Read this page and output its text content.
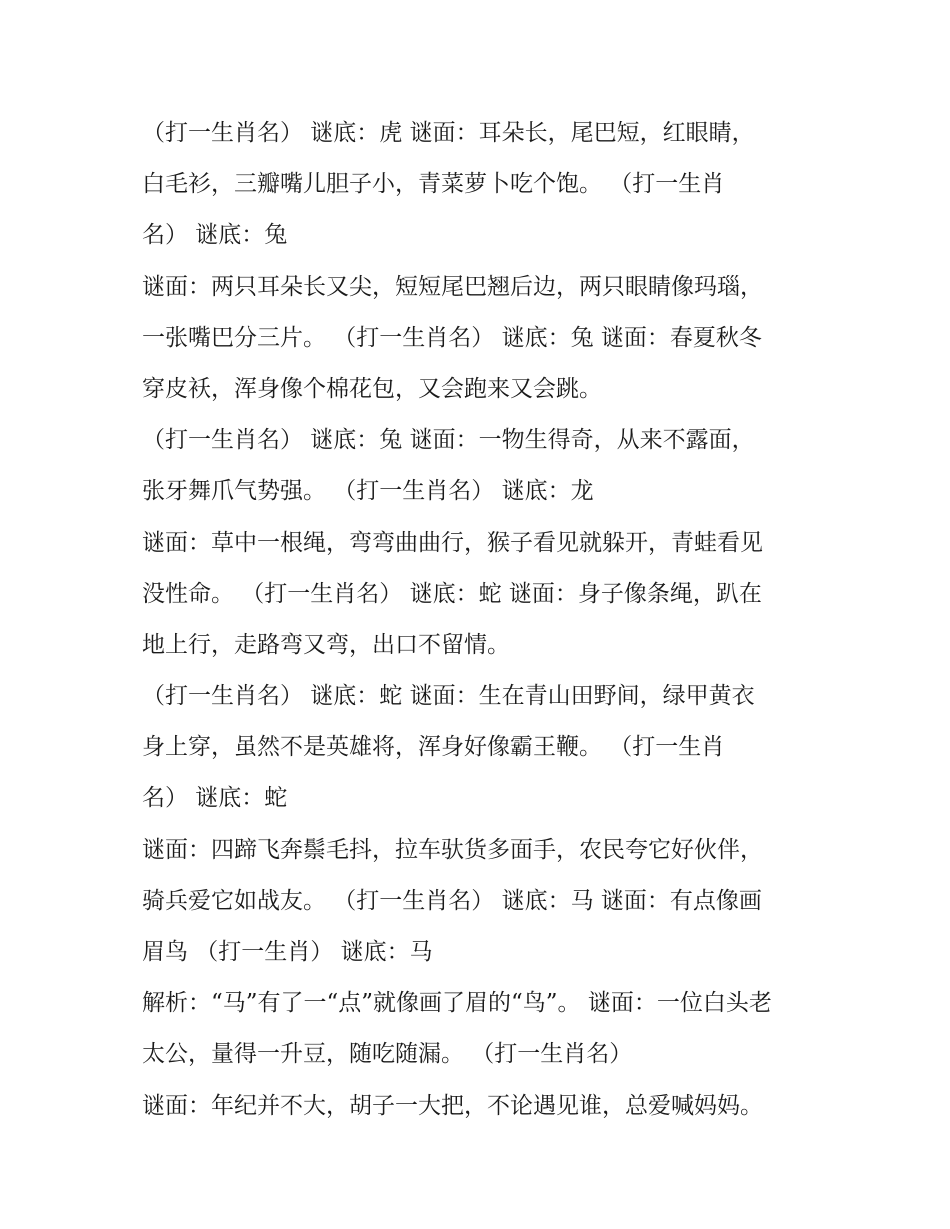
（打一生肖名） 谜底：虎 谜面：耳朵长，尾巴短，红眼睛，
白毛衫，三瓣嘴儿胆子小，青菜萝卜吃个饱。 （打一生肖
名） 谜底：兔
谜面：两只耳朵长又尖，短短尾巴翘后边，两只眼睛像玛瑙，
一张嘴巴分三片。 （打一生肖名） 谜底：兔 谜面：春夏秋冬
穿皮袄，浑身像个棉花包，又会跑来又会跳。
（打一生肖名） 谜底：兔 谜面：一物生得奇，从来不露面，
张牙舞爪气势强。 （打一生肖名） 谜底：龙
谜面：草中一根绳，弯弯曲曲行，猴子看见就躲开，青蛙看见
没性命。 （打一生肖名） 谜底：蛇 谜面：身子像条绳，趴在
地上行，走路弯又弯，出口不留情。
（打一生肖名） 谜底：蛇 谜面：生在青山田野间，绿甲黄衣
身上穿，虽然不是英雄将，浑身好像霸王鞭。 （打一生肖
名） 谜底：蛇
谜面：四蹄飞奔鬃毛抖，拉车驮货多面手，农民夸它好伙伴，
骑兵爱它如战友。 （打一生肖名） 谜底：马 谜面：有点像画
眉鸟 （打一生肖） 谜底：马
解析：“马”有了一“点”就像画了眉的“鸟”。 谜面：一位白头老
太公，量得一升豆，随吃随漏。 （打一生肖名）
谜面：年纪并不大，胡子一大把，不论遇见谁，总爱喊妈妈。
